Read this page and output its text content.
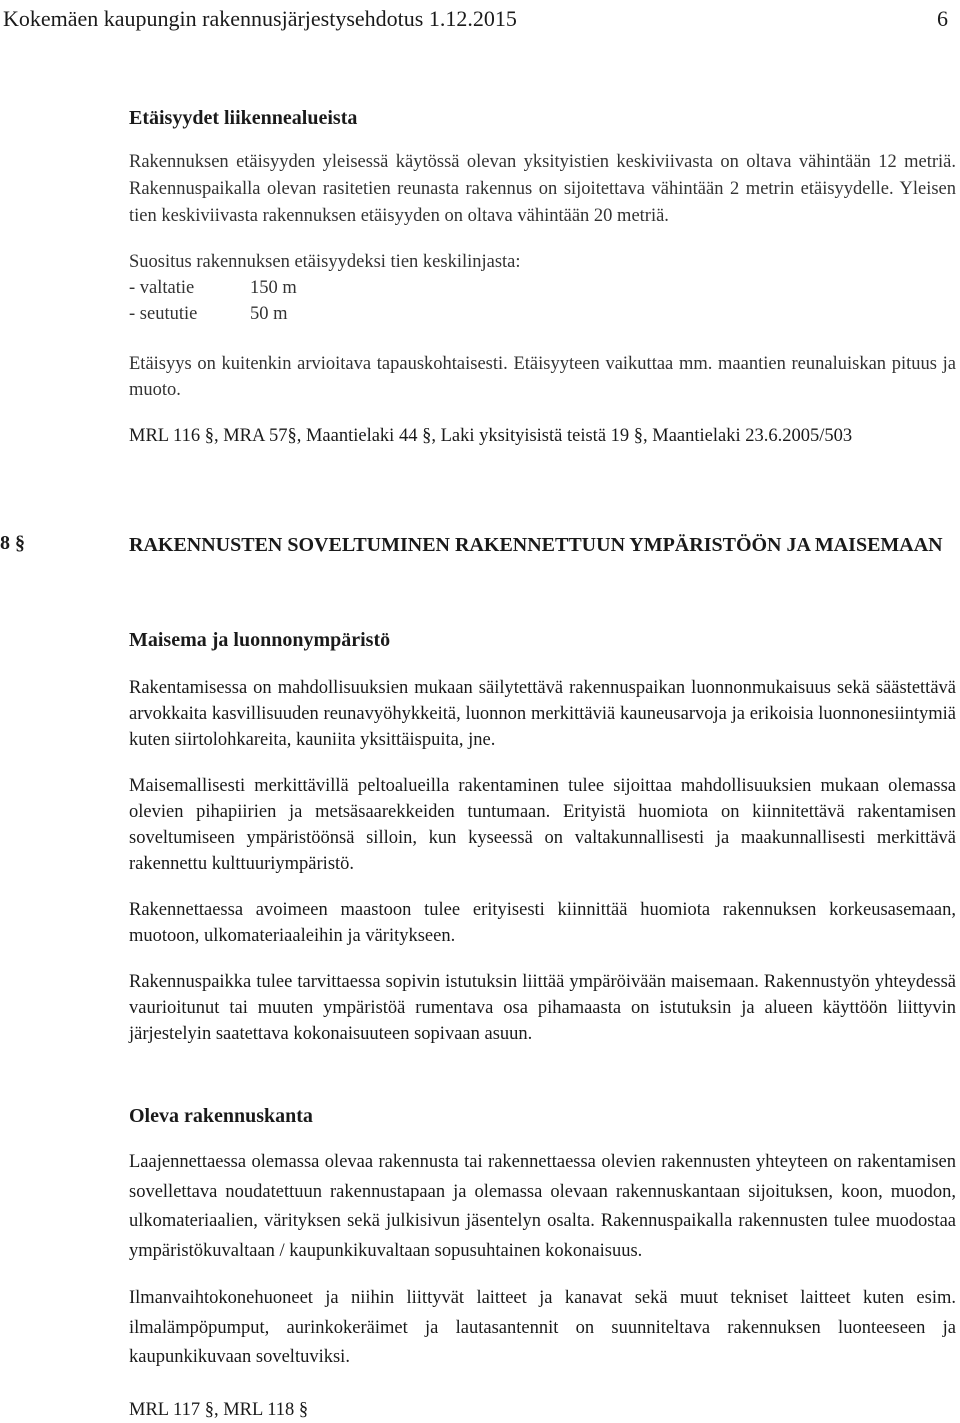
Kokemäen kaupungin rakennusjärjestysehdotus 1.12.2015	6
Etäisyydet liikennealueista

Rakennuksen etäisyyden yleisessä käytössä olevan yksityistien keskiviivasta on oltava vähintään 12 metriä. Rakennuspaikalla olevan rasitetien reunasta rakennus on sijoitettava vähintään 2 metrin etäisyydelle. Yleisen tien keskiviivasta rakennuksen etäisyyden on oltava vähintään 20 metriä.

Suositus rakennuksen etäisyydeksi tien keskilinjasta:

- valtatie	150 m
- seututie	50 m

Etäisyys on kuitenkin arvioitava tapauskohtaisesti. Etäisyyteen vaikuttaa mm. maantien reunaluiskan pituus ja muoto.

MRL 116 §, MRA 57§, Maantielaki 44 §, Laki yksityisistä teistä 19 §, Maantielaki 23.6.2005/503

8 §	RAKENNUSTEN SOVELTUMINEN RAKENNETTUUN YMPÄRISTÖÖN JA MAISEMAAN
Maisema ja luonnonympäristö

Rakentamisessa on mahdollisuuksien mukaan säilytettävä rakennuspaikan luonnonmukaisuus sekä säästettävä arvokkaita kasvillisuuden reunavyöhykkeitä, luonnon merkittäviä kauneusarvoja ja erikoisia luonnonesiintymiä kuten siirtolohkareita, kauniita yksittäispuita, jne.

Maisemallisesti merkittävillä peltoalueilla rakentaminen tulee sijoittaa mahdollisuuksien mukaan olemassa olevien pihapiirien ja metsäsaarekkeiden tuntumaan. Erityistä huomiota on kiinnitettävä rakentamisen soveltumiseen ympäristöönsä silloin, kun kyseessä on valtakunnallisesti ja maakunnallisesti merkittävä rakennettu kulttuuriympäristö.

Rakennettaessa avoimeen maastoon tulee erityisesti kiinnittää huomiota rakennuksen korkeusasemaan, muotoon, ulkomateriaaleihin ja väritykseen.

Rakennuspaikka tulee tarvittaessa sopivin istutuksin liittää ympäröivään maisemaan. Rakennustyön yhteydessä vaurioitunut tai muuten ympäristöä rumentava osa pihamaasta on istutuksin ja alueen käyttöön liittyvin järjestelyin saatettava kokonaisuuteen sopivaan asuun.

Oleva rakennuskanta

Laajennettaessa olemassa olevaa rakennusta tai rakennettaessa olevien rakennusten yhteyteen on rakentamisen sovellettava noudatettuun rakennustapaan ja olemassa olevaan rakennuskantaan sijoituksen, koon, muodon, ulkomateriaalien, värityksen sekä julkisivun jäsentelyn osalta. Rakennuspaikalla rakennusten tulee muodostaa ympäristökuvaltaan / kaupunkikuvaltaan sopusuhtainen kokonaisuus.

Ilmanvaihtokonehuoneet ja niihin liittyvät laitteet ja kanavat sekä muut tekniset laitteet kuten esim. ilmalämpöpumput, aurinkokeräimet ja lautasantennit on suunniteltava rakennuksen luonteeseen ja kaupunkikuvaan soveltuviksi.

MRL 117 §, MRL 118 §
